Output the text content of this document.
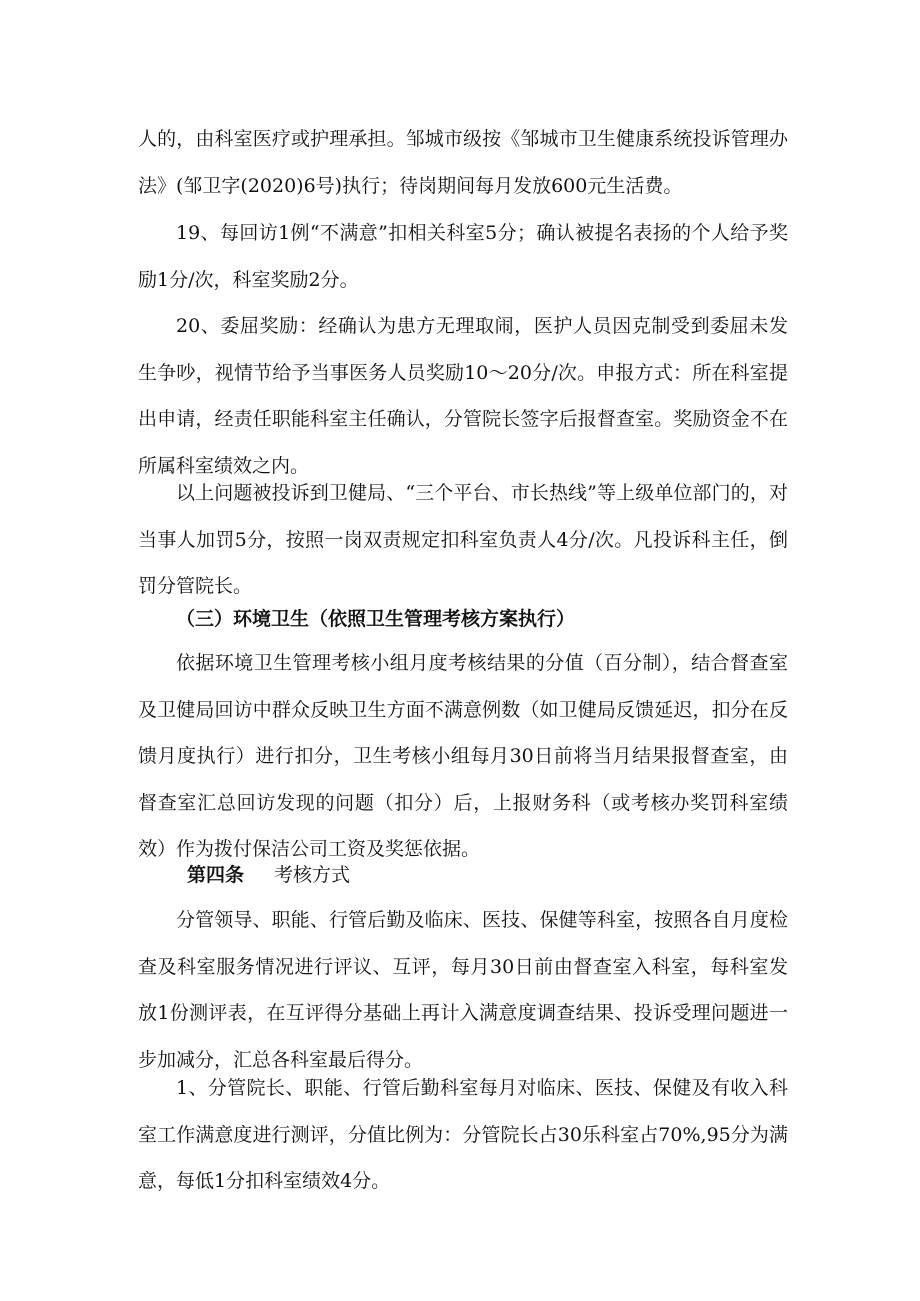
人的，由科室医疗或护理承担。邹城市级按《邹城市卫生健康系统投诉管理办法》(邹卫字(2020)6号)执行；待岗期间每月发放600元生活费。

19、每回访1例“不满意”扣相关科室5分；确认被提名表扬的个人给予奖励1分/次，科室奖励2分。

20、委屈奖励：经确认为患方无理取闹，医护人员因克制受到委屈未发生争吵，视情节给予当事医务人员奖励10～20分/次。申报方式：所在科室提出申请，经责任职能科室主任确认，分管院长签字后报督查室。奖励资金不在所属科室绩效之内。

以上问题被投诉到卫健局、“三个平台、市长热线”等上级单位部门的，对当事人加罚5分，按照一岗双责规定扣科室负责人4分/次。凡投诉科主任，倒罚分管院长。

（三）环境卫生（依照卫生管理考核方案执行）

依据环境卫生管理考核小组月度考核结果的分值（百分制），结合督查室及卫健局回访中群众反映卫生方面不满意例数（如卫健局反馈延迟，扣分在反馈月度执行）进行扣分，卫生考核小组每月30日前将当月结果报督查室，由督查室汇总回访发现的问题（扣分）后，上报财务科（或考核办奖罚科室绩效）作为拨付保洁公司工资及奖惩依据。

第四条 考核方式

分管领导、职能、行管后勤及临床、医技、保健等科室，按照各自月度检查及科室服务情况进行评议、互评，每月30日前由督查室入科室，每科室发放1份测评表，在互评得分基础上再计入满意度调查结果、投诉受理问题进一步加减分，汇总各科室最后得分。

1、分管院长、职能、行管后勤科室每月对临床、医技、保健及有收入科室工作满意度进行测评，分值比例为：分管院长占30乐科室占70%,95分为满意，每低1分扣科室绩效4分。
